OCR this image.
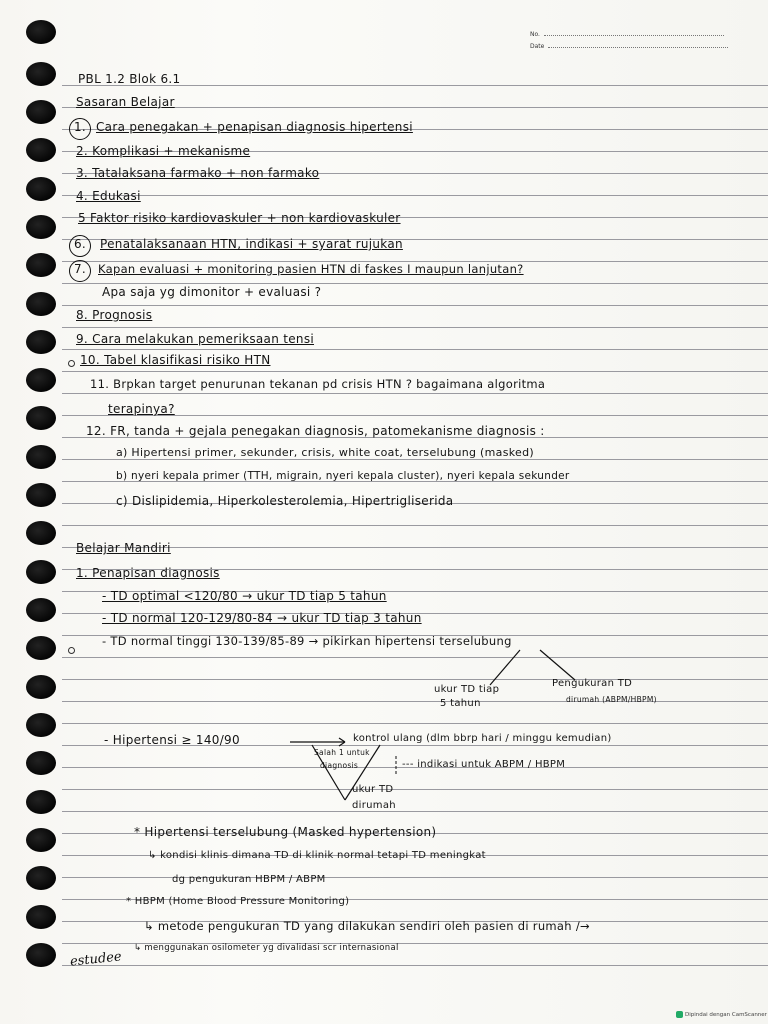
No.
Date
PBL 1.2 Blok 6.1
Sasaran Belajar
1. Cara penegakan + penapisan diagnosis hipertensi
2. Komplikasi + mekanisme
3. Tatalaksana farmako + non farmako
4. Edukasi
5 Faktor risiko kardiovaskuler + non kardiovaskuler
6. Penatalaksanaan HTN, indikasi + syarat rujukan
7. Kapan evaluasi + monitoring pasien HTN di faskes I maupun lanjutan?
Apa saja yg dimonitor + evaluasi ?
8. Prognosis
9. Cara melakukan pemeriksaan tensi
10. Tabel klasifikasi risiko HTN
11. Brpkan target penurunan tekanan pd crisis HTN ? bagaimana algoritma
terapinya?
12. FR, tanda + gejala penegakan diagnosis, patomekanisme diagnosis :
a) Hipertensi primer, sekunder, crisis, white coat, terselubung (masked)
b) nyeri kepala primer (TTH, migrain, nyeri kepala cluster), nyeri kepala sekunder
c) Dislipidemia, Hiperkolesterolemia, Hipertrigliserida
Belajar Mandiri
1. Penapisan diagnosis
- TD optimal <120/80 → ukur TD tiap 5 tahun
- TD normal 120-129/80-84 → ukur TD tiap 3 tahun
- TD normal tinggi 130-139/85-89 → pikirkan hipertensi terselubung
ukur TD tiap
5 tahun
Pengukuran TD
dirumah (ABPM/HBPM)
- Hipertensi ≥ 140/90	kontrol ulang (dlm bbrp hari / minggu kemudian)
Salah 1 untuk
diagnosis	--- indikasi untuk ABPM / HBPM
ukur TD
dirumah
* Hipertensi terselubung (Masked hypertension)
↳ kondisi klinis dimana TD di klinik normal tetapi TD meningkat
dg pengukuran HBPM / ABPM
* HBPM (Home Blood Pressure Monitoring)
↳ metode pengukuran TD yang dilakukan sendiri oleh pasien di rumah /→
↳ menggunakan osilometer yg divalidasi scr internasional
estudee
Dipindai dengan CamScanner
